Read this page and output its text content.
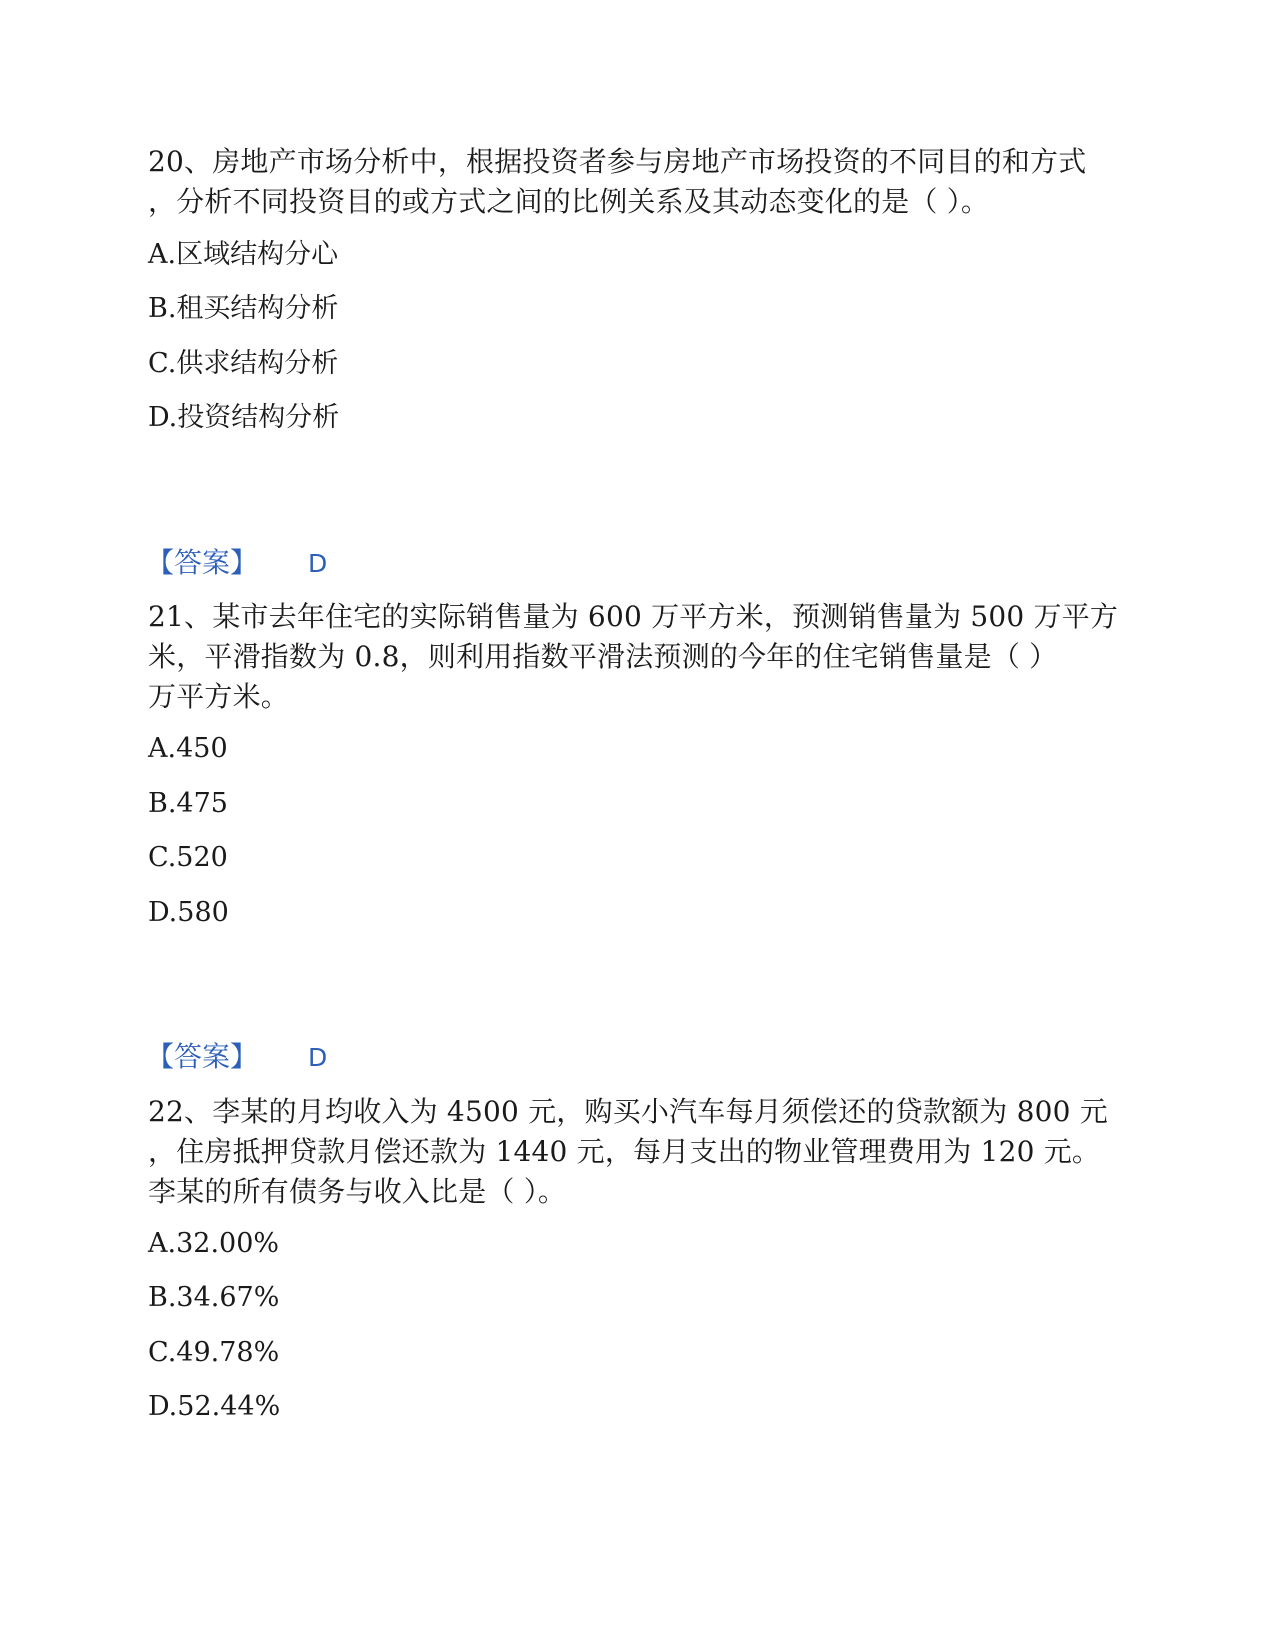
20、房地产市场分析中，根据投资者参与房地产市场投资的不同目的和方式
，分析不同投资目的或方式之间的比例关系及其动态变化的是（ ）。
A.区域结构分心
B.租买结构分析
C.供求结构分析
D.投资结构分析
【答案】 D
21、某市去年住宅的实际销售量为 600 万平方米，预测销售量为 500 万平方
米，平滑指数为 0.8，则利用指数平滑法预测的今年的住宅销售量是（ ）
万平方米。
A.450
B.475
C.520
D.580
【答案】 D
22、李某的月均收入为 4500 元，购买小汽车每月须偿还的贷款额为 800 元
，住房抵押贷款月偿还款为 1440 元，每月支出的物业管理费用为 120 元。
李某的所有债务与收入比是（ ）。
A.32.00%
B.34.67%
C.49.78%
D.52.44%
